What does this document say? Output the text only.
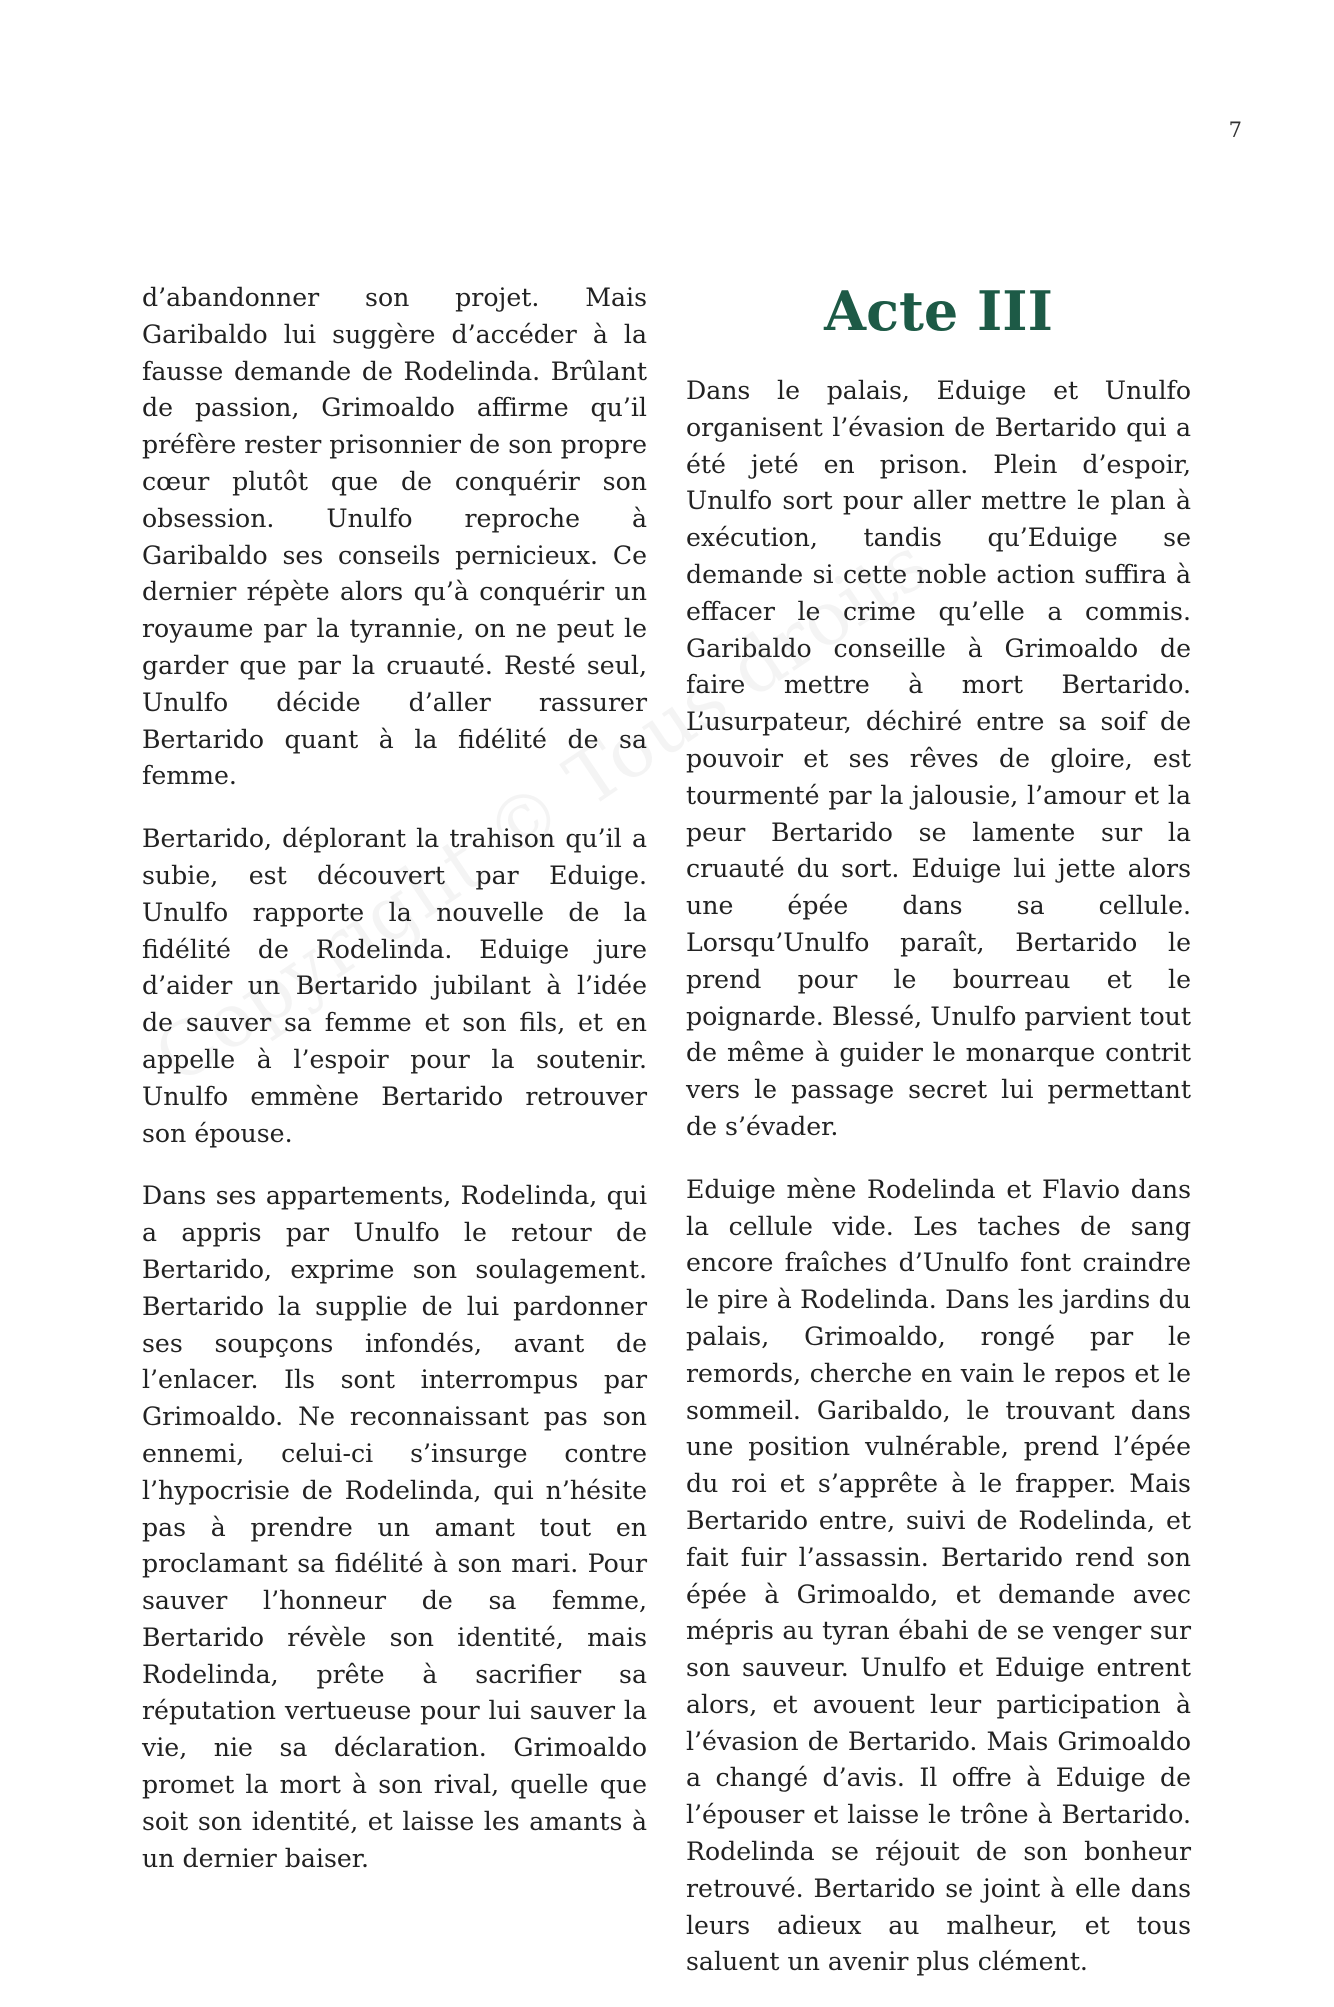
7

d’abandonner son projet. Mais Garibaldo lui suggère d’accéder à la fausse demande de Rodelinda. Brûlant de passion, Grimoaldo affirme qu’il préfère rester prisonnier de son propre cœur plutôt que de conquérir son obsession. Unulfo reproche à Garibaldo ses conseils pernicieux. Ce dernier répète alors qu’à conquérir un royaume par la tyrannie, on ne peut le garder que par la cruauté. Resté seul, Unulfo décide d’aller rassurer Bertarido quant à la fidélité de sa femme.

Bertarido, déplorant la trahison qu’il a subie, est découvert par Eduige. Unulfo rapporte la nouvelle de la fidélité de Rodelinda. Eduige jure d’aider un Bertarido jubilant à l’idée de sauver sa femme et son fils, et en appelle à l’espoir pour la soutenir. Unulfo emmène Bertarido retrouver son épouse.

Dans ses appartements, Rodelinda, qui a appris par Unulfo le retour de Bertarido, exprime son soulagement. Bertarido la supplie de lui pardonner ses soupçons infondés, avant de l’enlacer. Ils sont interrompus par Grimoaldo. Ne reconnaissant pas son ennemi, celui-ci s’insurge contre l’hypocrisie de Rodelinda, qui n’hésite pas à prendre un amant tout en proclamant sa fidélité à son mari. Pour sauver l’honneur de sa femme, Bertarido révèle son identité, mais Rodelinda, prête à sacrifier sa réputation vertueuse pour lui sauver la vie, nie sa déclaration. Grimoaldo promet la mort à son rival, quelle que soit son identité, et laisse les amants à un dernier baiser.

Acte III

Dans le palais, Eduige et Unulfo organisent l’évasion de Bertarido qui a été jeté en prison. Plein d’espoir, Unulfo sort pour aller mettre le plan à exécution, tandis qu’Eduige se demande si cette noble action suffira à effacer le crime qu’elle a commis. Garibaldo conseille à Grimoaldo de faire mettre à mort Bertarido. L’usurpateur, déchiré entre sa soif de pouvoir et ses rêves de gloire, est tourmenté par la jalousie, l’amour et la peur Bertarido se lamente sur la cruauté du sort. Eduige lui jette alors une épée dans sa cellule. Lorsqu’Unulfo paraît, Bertarido le prend pour le bourreau et le poignarde. Blessé, Unulfo parvient tout de même à guider le monarque contrit vers le passage secret lui permettant de s’évader.

Eduige mène Rodelinda et Flavio dans la cellule vide. Les taches de sang encore fraîches d’Unulfo font craindre le pire à Rodelinda. Dans les jardins du palais, Grimoaldo, rongé par le remords, cherche en vain le repos et le sommeil. Garibaldo, le trouvant dans une position vulnérable, prend l’épée du roi et s’apprête à le frapper. Mais Bertarido entre, suivi de Rodelinda, et fait fuir l’assassin. Bertarido rend son épée à Grimoaldo, et demande avec mépris au tyran ébahi de se venger sur son sauveur. Unulfo et Eduige entrent alors, et avouent leur participation à l’évasion de Bertarido. Mais Grimoaldo a changé d’avis. Il offre à Eduige de l’épouser et laisse le trône à Bertarido. Rodelinda se réjouit de son bonheur retrouvé. Bertarido se joint à elle dans leurs adieux au malheur, et tous saluent un avenir plus clément.
